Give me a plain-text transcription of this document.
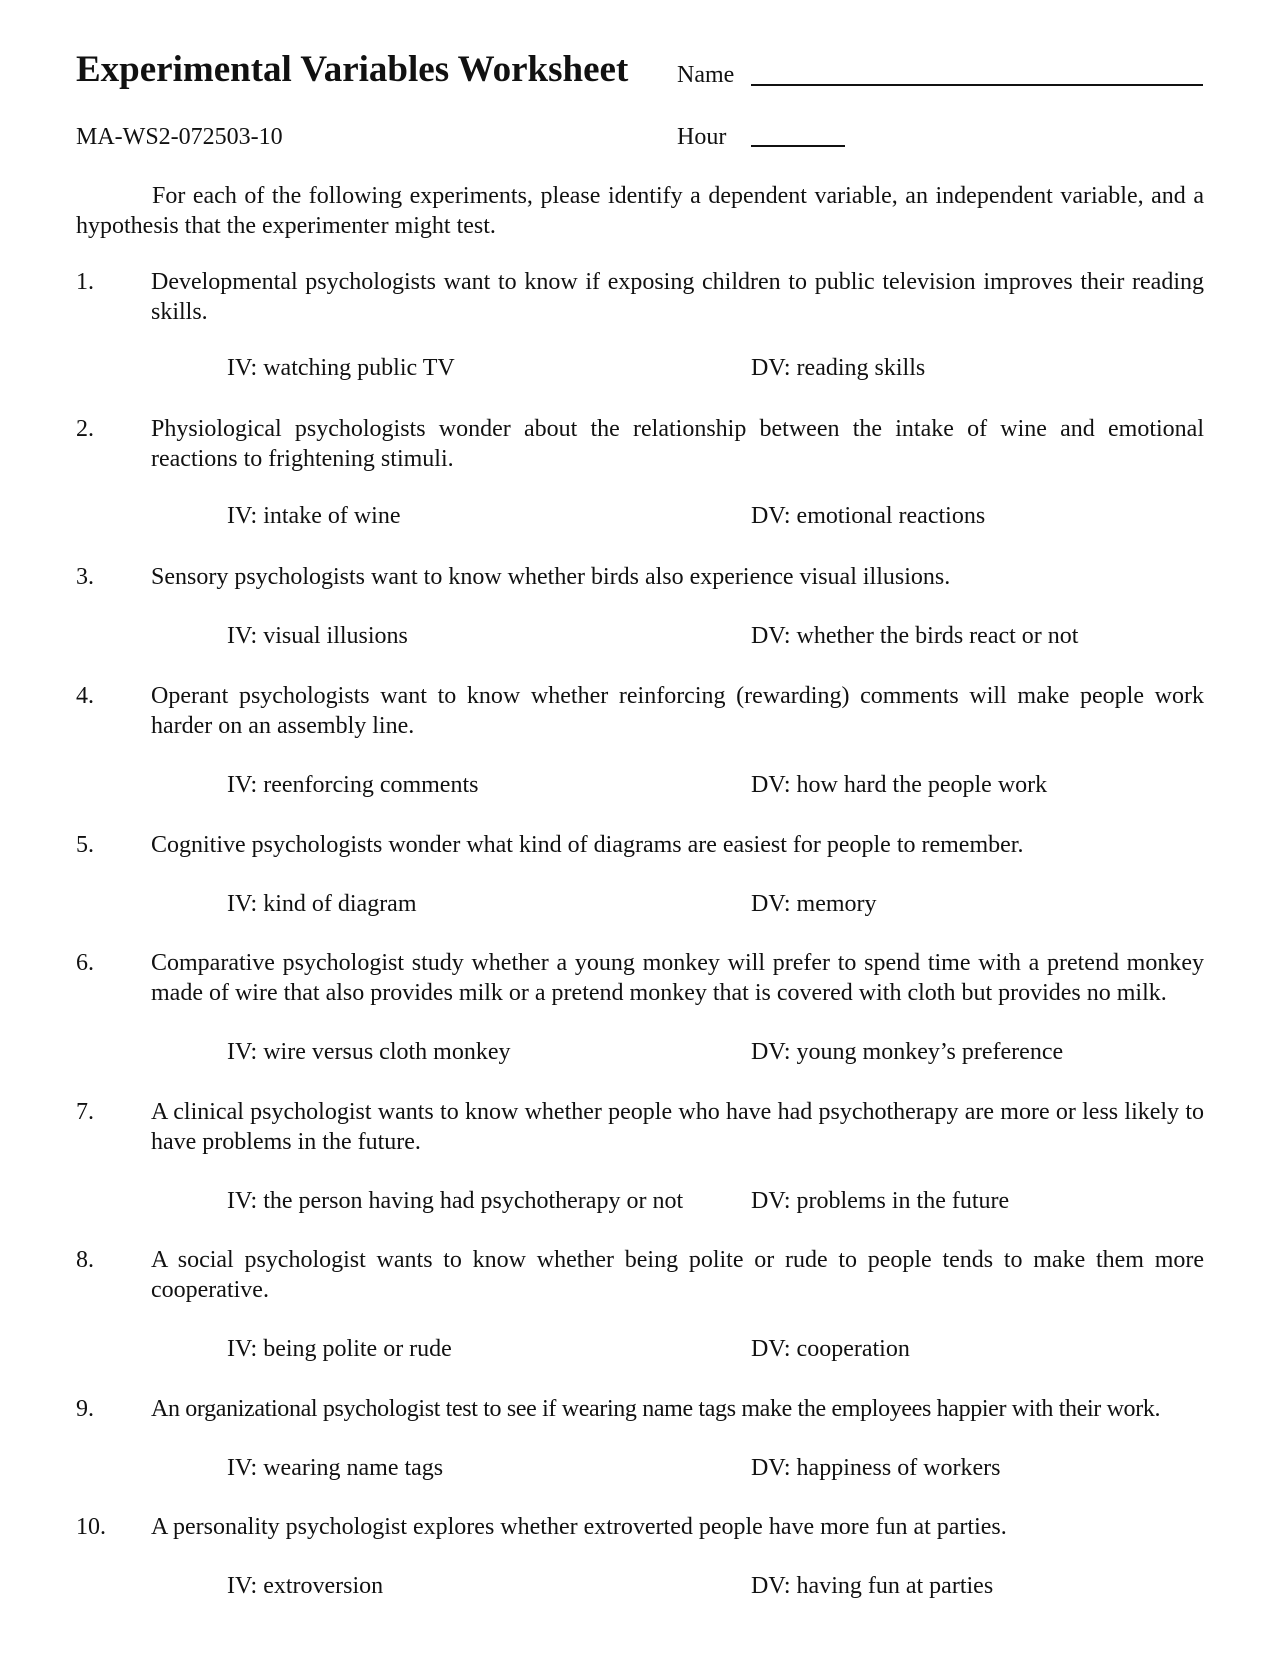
Experimental Variables Worksheet Name
MA-WS2-072503-10	Hour
For each of the following experiments, please identify a dependent variable, an independent variable, and a hypothesis that the experimenter might test.
1. Developmental psychologists want to know if exposing children to public television improves their reading skills.
IV: watching public TV	DV: reading skills
2. Physiological psychologists wonder about the relationship between the intake of wine and emotional reactions to frightening stimuli.
IV: intake of wine	DV: emotional reactions
3. Sensory psychologists want to know whether birds also experience visual illusions.
IV: visual illusions	DV: whether the birds react or not
4. Operant psychologists want to know whether reinforcing (rewarding) comments will make people work harder on an assembly line.
IV: reenforcing comments	DV: how hard the people work
5. Cognitive psychologists wonder what kind of diagrams are easiest for people to remember.
IV: kind of diagram	DV: memory
6. Comparative psychologist study whether a young monkey will prefer to spend time with a pretend monkey made of wire that also provides milk or a pretend monkey that is covered with cloth but provides no milk.
IV: wire versus cloth monkey	DV: young monkey’s preference
7. A clinical psychologist wants to know whether people who have had psychotherapy are more or less likely to have problems in the future.
IV: the person having had psychotherapy or not	DV: problems in the future
8. A social psychologist wants to know whether being polite or rude to people tends to make them more cooperative.
IV: being polite or rude	DV: cooperation
9. An organizational psychologist test to see if wearing name tags make the employees happier with their work.
IV: wearing name tags	DV: happiness of workers
10. A personality psychologist explores whether extroverted people have more fun at parties.
IV: extroversion	DV: having fun at parties
